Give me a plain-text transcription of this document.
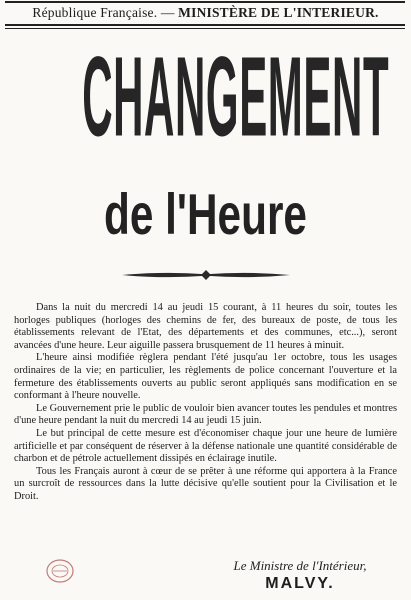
République Française. — MINISTÈRE DE L'INTERIEUR.
CHANGEMENT
de l'Heure

Dans la nuit du mercredi 14 au jeudi 15 courant, à 11 heures du soir, toutes les horloges publiques (horloges des chemins de fer, des bureaux de poste, de tous les établissements relevant de l'Etat, des départements et des communes, etc...), seront avancées d'une heure. Leur aiguille passera brusquement de 11 heures à minuit.

L'heure ainsi modifiée règlera pendant l'été jusqu'au 1er octobre, tous les usages ordinaires de la vie; en particulier, les règlements de police concernant l'ouverture et la fermeture des établissements ouverts au public seront appliqués sans modification en se conformant à l'heure nouvelle.

Le Gouvernement prie le public de vouloir bien avancer toutes les pendules et montres d'une heure pendant la nuit du mercredi 14 au jeudi 15 juin.

Le but principal de cette mesure est d'économiser chaque jour une heure de lumière artificielle et par conséquent de réserver à la défense nationale une quantité considérable de charbon et de pétrole actuellement dissipés en éclairage inutile.

Tous les Français auront à cœur de se prêter à une réforme qui apportera à la France un surcroît de ressources dans la lutte décisive qu'elle soutient pour la Civilisation et le Droit.

Le Ministre de l'Intérieur,
MALVY.
